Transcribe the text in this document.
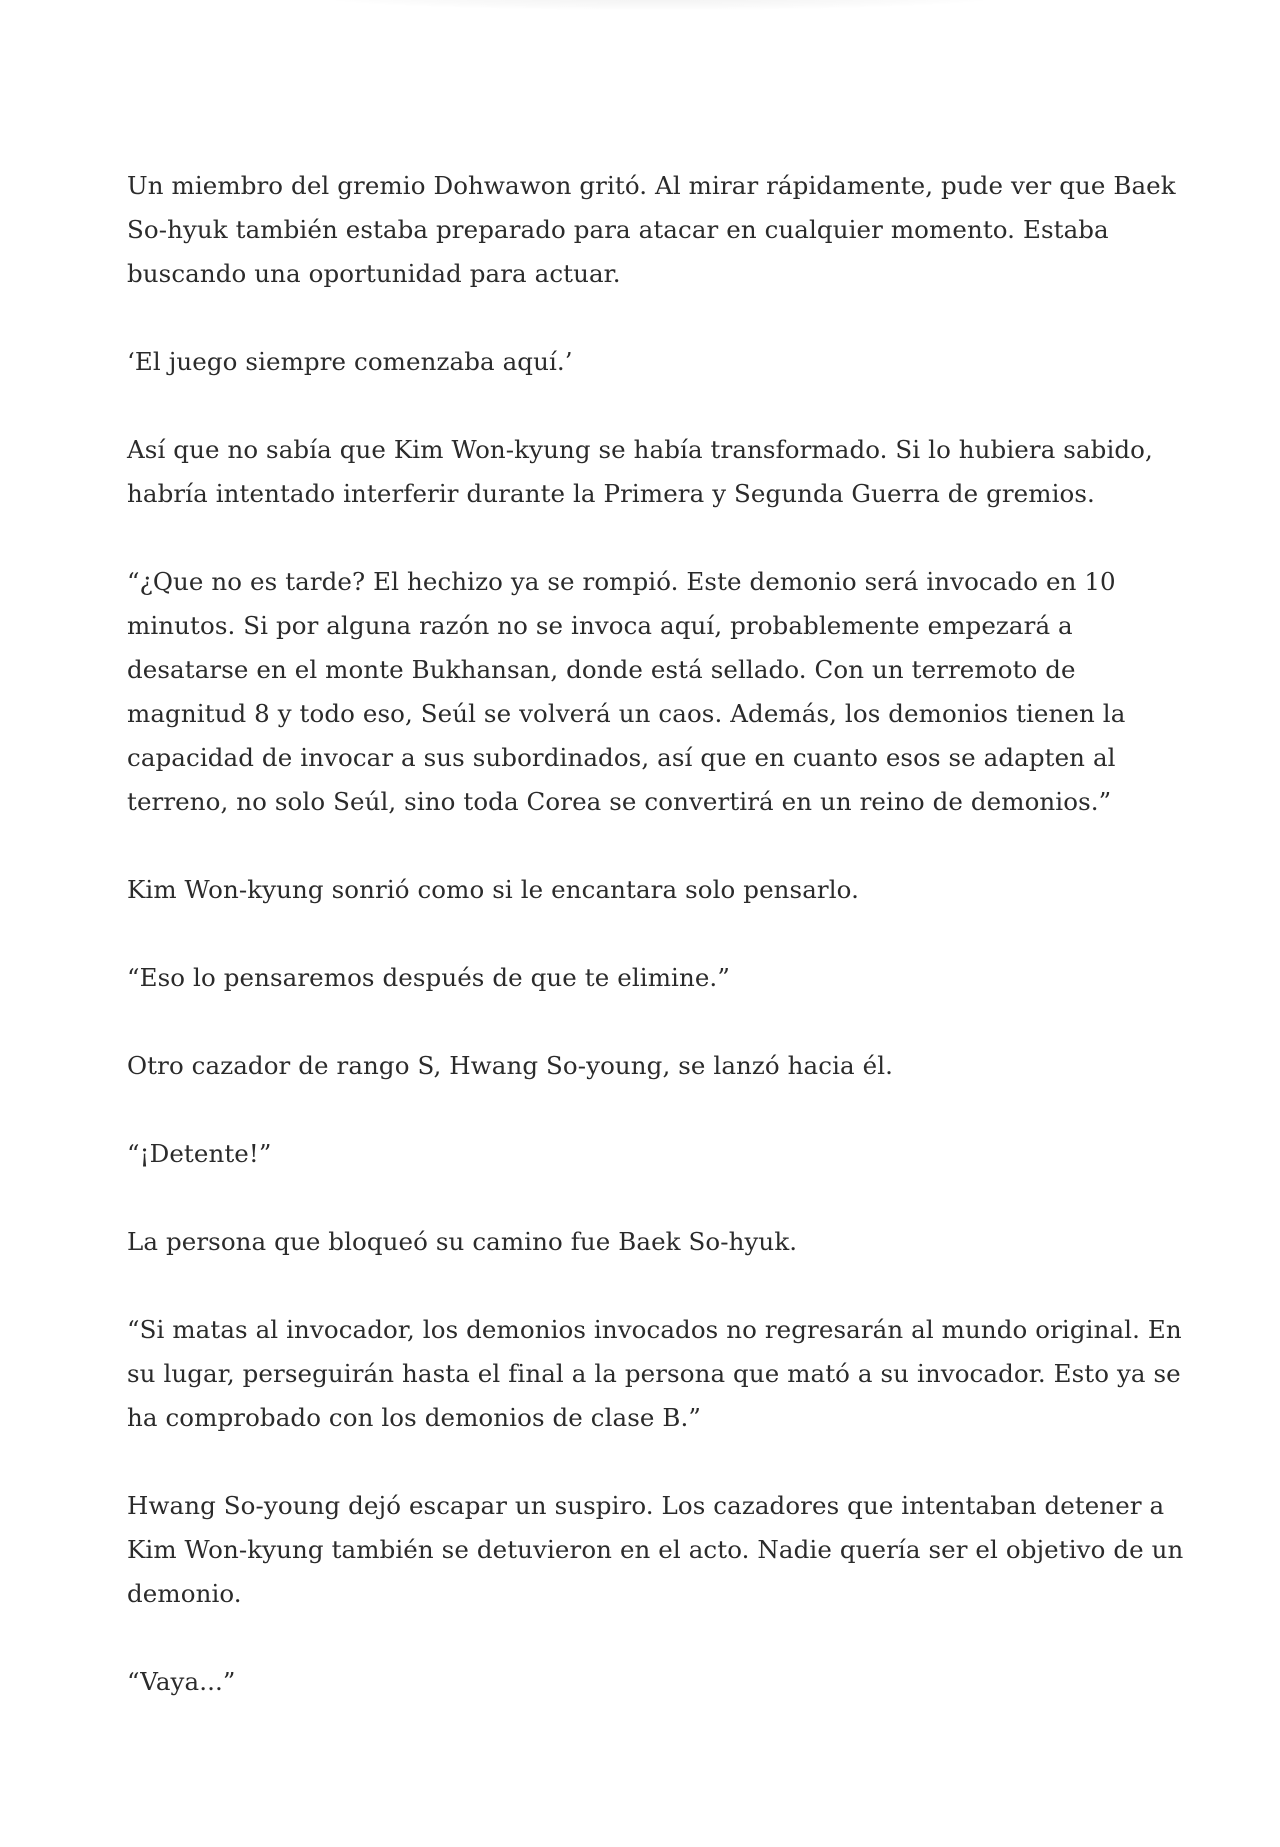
Un miembro del gremio Dohwawon gritó. Al mirar rápidamente, pude ver que Baek So-hyuk también estaba preparado para atacar en cualquier momento. Estaba buscando una oportunidad para actuar.

‘El juego siempre comenzaba aquí.’

Así que no sabía que Kim Won-kyung se había transformado. Si lo hubiera sabido, habría intentado interferir durante la Primera y Segunda Guerra de gremios.

“¿Que no es tarde? El hechizo ya se rompió. Este demonio será invocado en 10 minutos. Si por alguna razón no se invoca aquí, probablemente empezará a desatarse en el monte Bukhansan, donde está sellado. Con un terremoto de magnitud 8 y todo eso, Seúl se volverá un caos. Además, los demonios tienen la capacidad de invocar a sus subordinados, así que en cuanto esos se adapten al terreno, no solo Seúl, sino toda Corea se convertirá en un reino de demonios.”

Kim Won-kyung sonrió como si le encantara solo pensarlo.

“Eso lo pensaremos después de que te elimine.”

Otro cazador de rango S, Hwang So-young, se lanzó hacia él.

“¡Detente!”

La persona que bloqueó su camino fue Baek So-hyuk.

“Si matas al invocador, los demonios invocados no regresarán al mundo original. En su lugar, perseguirán hasta el final a la persona que mató a su invocador. Esto ya se ha comprobado con los demonios de clase B.”

Hwang So-young dejó escapar un suspiro. Los cazadores que intentaban detener a Kim Won-kyung también se detuvieron en el acto. Nadie quería ser el objetivo de un demonio.

“Vaya...”
